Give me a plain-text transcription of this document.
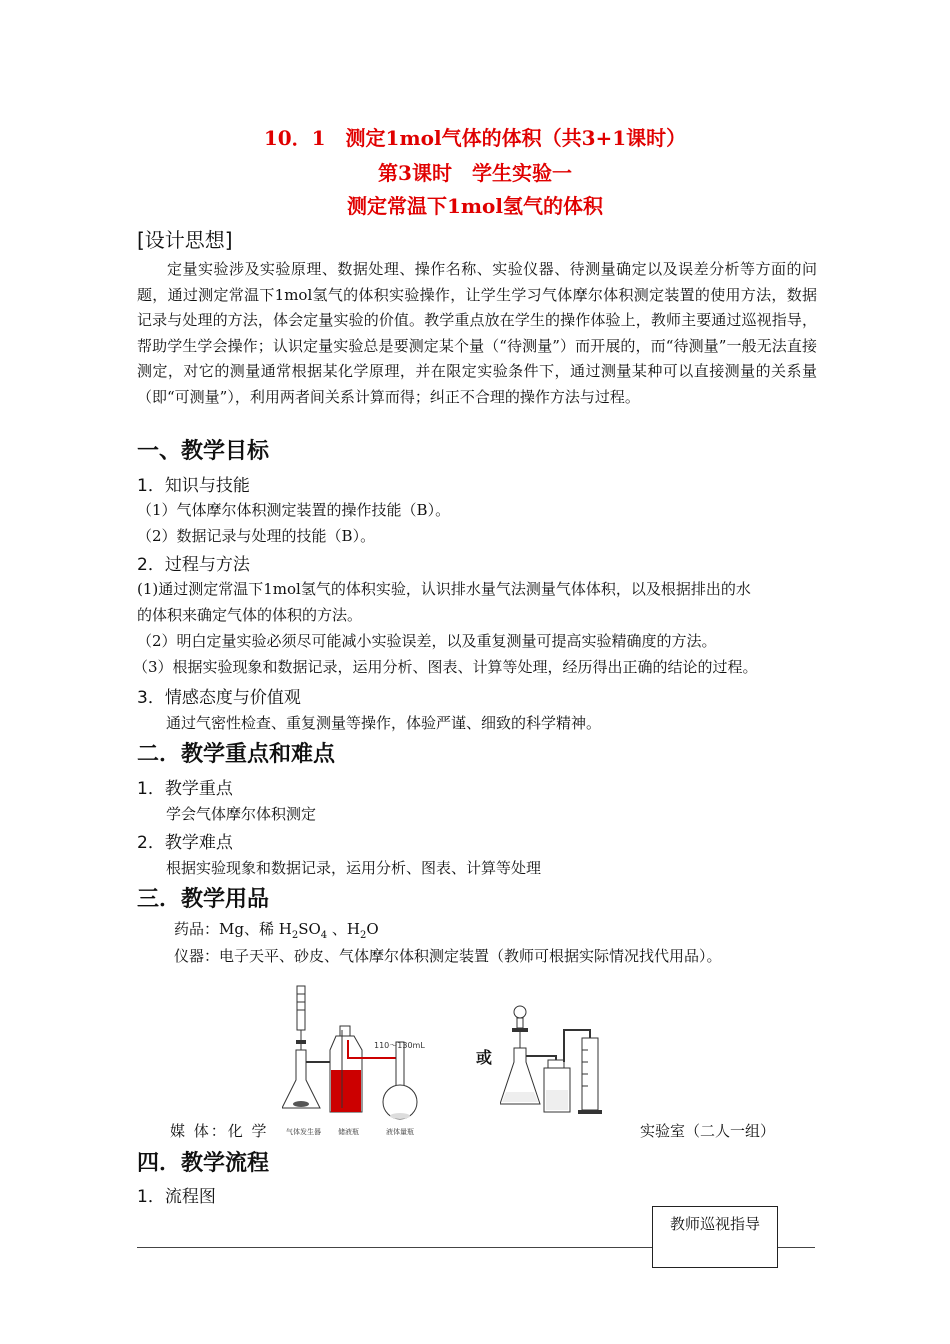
10．1　测定1mol气体的体积（共3+1课时）
第3课时　学生实验一
测定常温下1mol氢气的体积
[设计思想]
定量实验涉及实验原理、数据处理、操作名称、实验仪器、待测量确定以及误差分析等方面的问题，通过测定常温下1mol氢气的体积实验操作，让学生学习气体摩尔体积测定装置的使用方法，数据记录与处理的方法，体会定量实验的价值。教学重点放在学生的操作体验上，教师主要通过巡视指导，帮助学生学会操作；认识定量实验总是要测定某个量（“待测量”）而开展的，而“待测量”一般无法直接测定，对它的测量通常根据某化学原理，并在限定实验条件下，通过测量某种可以直接测量的关系量（即“可测量”），利用两者间关系计算而得；纠正不合理的操作方法与过程。
一、教学目标
1．知识与技能
（1）气体摩尔体积测定装置的操作技能（B）。
（2）数据记录与处理的技能（B）。
2．过程与方法
(1)通过测定常温下1mol氢气的体积实验，认识排水量气法测量气体体积，以及根据排出的水
的体积来确定气体的体积的方法。
（2）明白定量实验必须尽可能减小实验误差，以及重复测量可提高实验精确度的方法。
（3）根据实验现象和数据记录，运用分析、图表、计算等处理，经历得出正确的结论的过程。
3．情感态度与价值观
通过气密性检查、重复测量等操作，体验严谨、细致的科学精神。
二．教学重点和难点
1．教学重点
学会气体摩尔体积测定
2．教学难点
根据实验现象和数据记录，运用分析、图表、计算等处理
三．教学用品
药品：Mg、稀 $H_2SO_4$ 、$H_2O$
仪器：电子天平、砂皮、气体摩尔体积测定装置（教师可根据实际情况找代用品）。
110～130mL
气体发生器 储液瓶	液体量瓶
或
媒 体：化 学	实验室（二人一组）
四．教学流程
1．流程图
教师巡视指导
